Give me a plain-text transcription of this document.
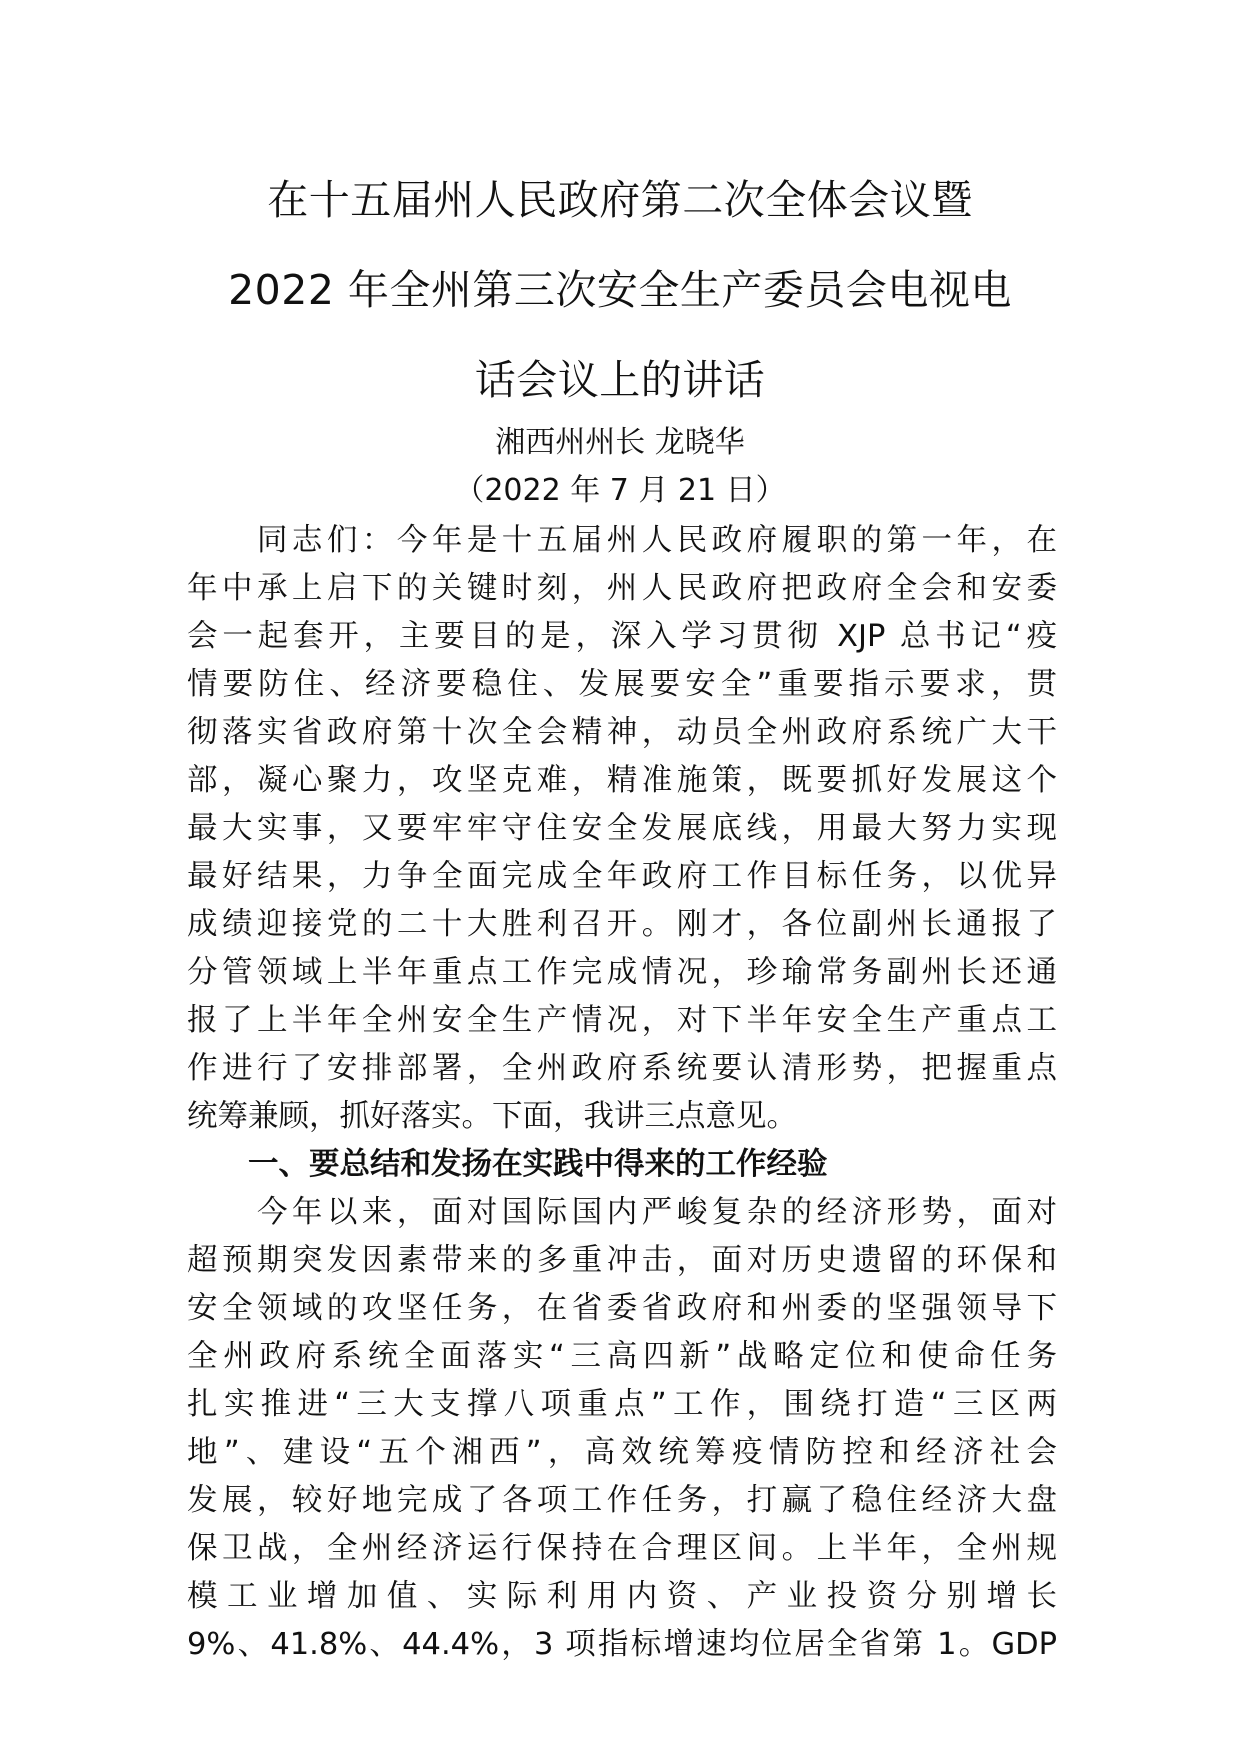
在十五届州人民政府第二次全体会议暨
2022 年全州第三次安全生产委员会电视电
话会议上的讲话
湘西州州长 龙晓华
（2022 年 7 月 21 日）
　　同志们：今年是十五届州人民政府履职的第一年，在
年中承上启下的关键时刻，州人民政府把政府全会和安委
会一起套开，主要目的是，深入学习贯彻 XJP 总书记“疫
情要防住、经济要稳住、发展要安全”重要指示要求，贯
彻落实省政府第十次全会精神，动员全州政府系统广大干
部，凝心聚力，攻坚克难，精准施策，既要抓好发展这个
最大实事，又要牢牢守住安全发展底线，用最大努力实现
最好结果，力争全面完成全年政府工作目标任务，以优异
成绩迎接党的二十大胜利召开。刚才，各位副州长通报了
分管领域上半年重点工作完成情况，珍瑜常务副州长还通
报了上半年全州安全生产情况，对下半年安全生产重点工
作进行了安排部署，全州政府系统要认清形势，把握重点
统筹兼顾，抓好落实。下面，我讲三点意见。
　　一、要总结和发扬在实践中得来的工作经验
　　今年以来，面对国际国内严峻复杂的经济形势，面对
超预期突发因素带来的多重冲击，面对历史遗留的环保和
安全领域的攻坚任务，在省委省政府和州委的坚强领导下
全州政府系统全面落实“三高四新”战略定位和使命任务
扎实推进“三大支撑八项重点”工作，围绕打造“三区两
地”、建设“五个湘西”，高效统筹疫情防控和经济社会
发展，较好地完成了各项工作任务，打赢了稳住经济大盘
保卫战，全州经济运行保持在合理区间。上半年，全州规
模工业增加值、实际利用内资、产业投资分别增长
9%、41.8%、44.4%，3 项指标增速均位居全省第 1。GDP
